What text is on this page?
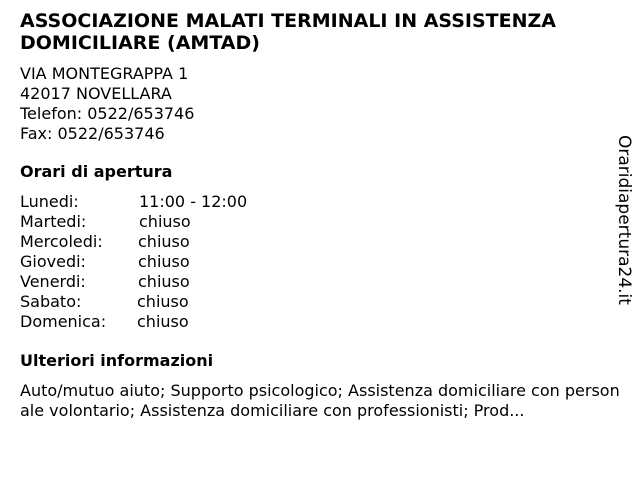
ASSOCIAZIONE MALATI TERMINALI IN ASSISTENZA DOMICILIARE (AMTAD)
VIA MONTEGRAPPA 1
42017 NOVELLARA
Telefon: 0522/653746
Fax: 0522/653746
Orari di apertura
Lunedi:	11:00 - 12:00
Martedi:	chiuso
Mercoledi:	chiuso
Giovedi:	chiuso
Venerdi:	chiuso
Sabato:	chiuso
Domenica:	chiuso
Ulteriori informazioni
Auto/mutuo aiuto; Supporto psicologico; Assistenza domiciliare con personale volontario; Assistenza domiciliare con professionisti; Prod...
Oraridiapertura24.it
